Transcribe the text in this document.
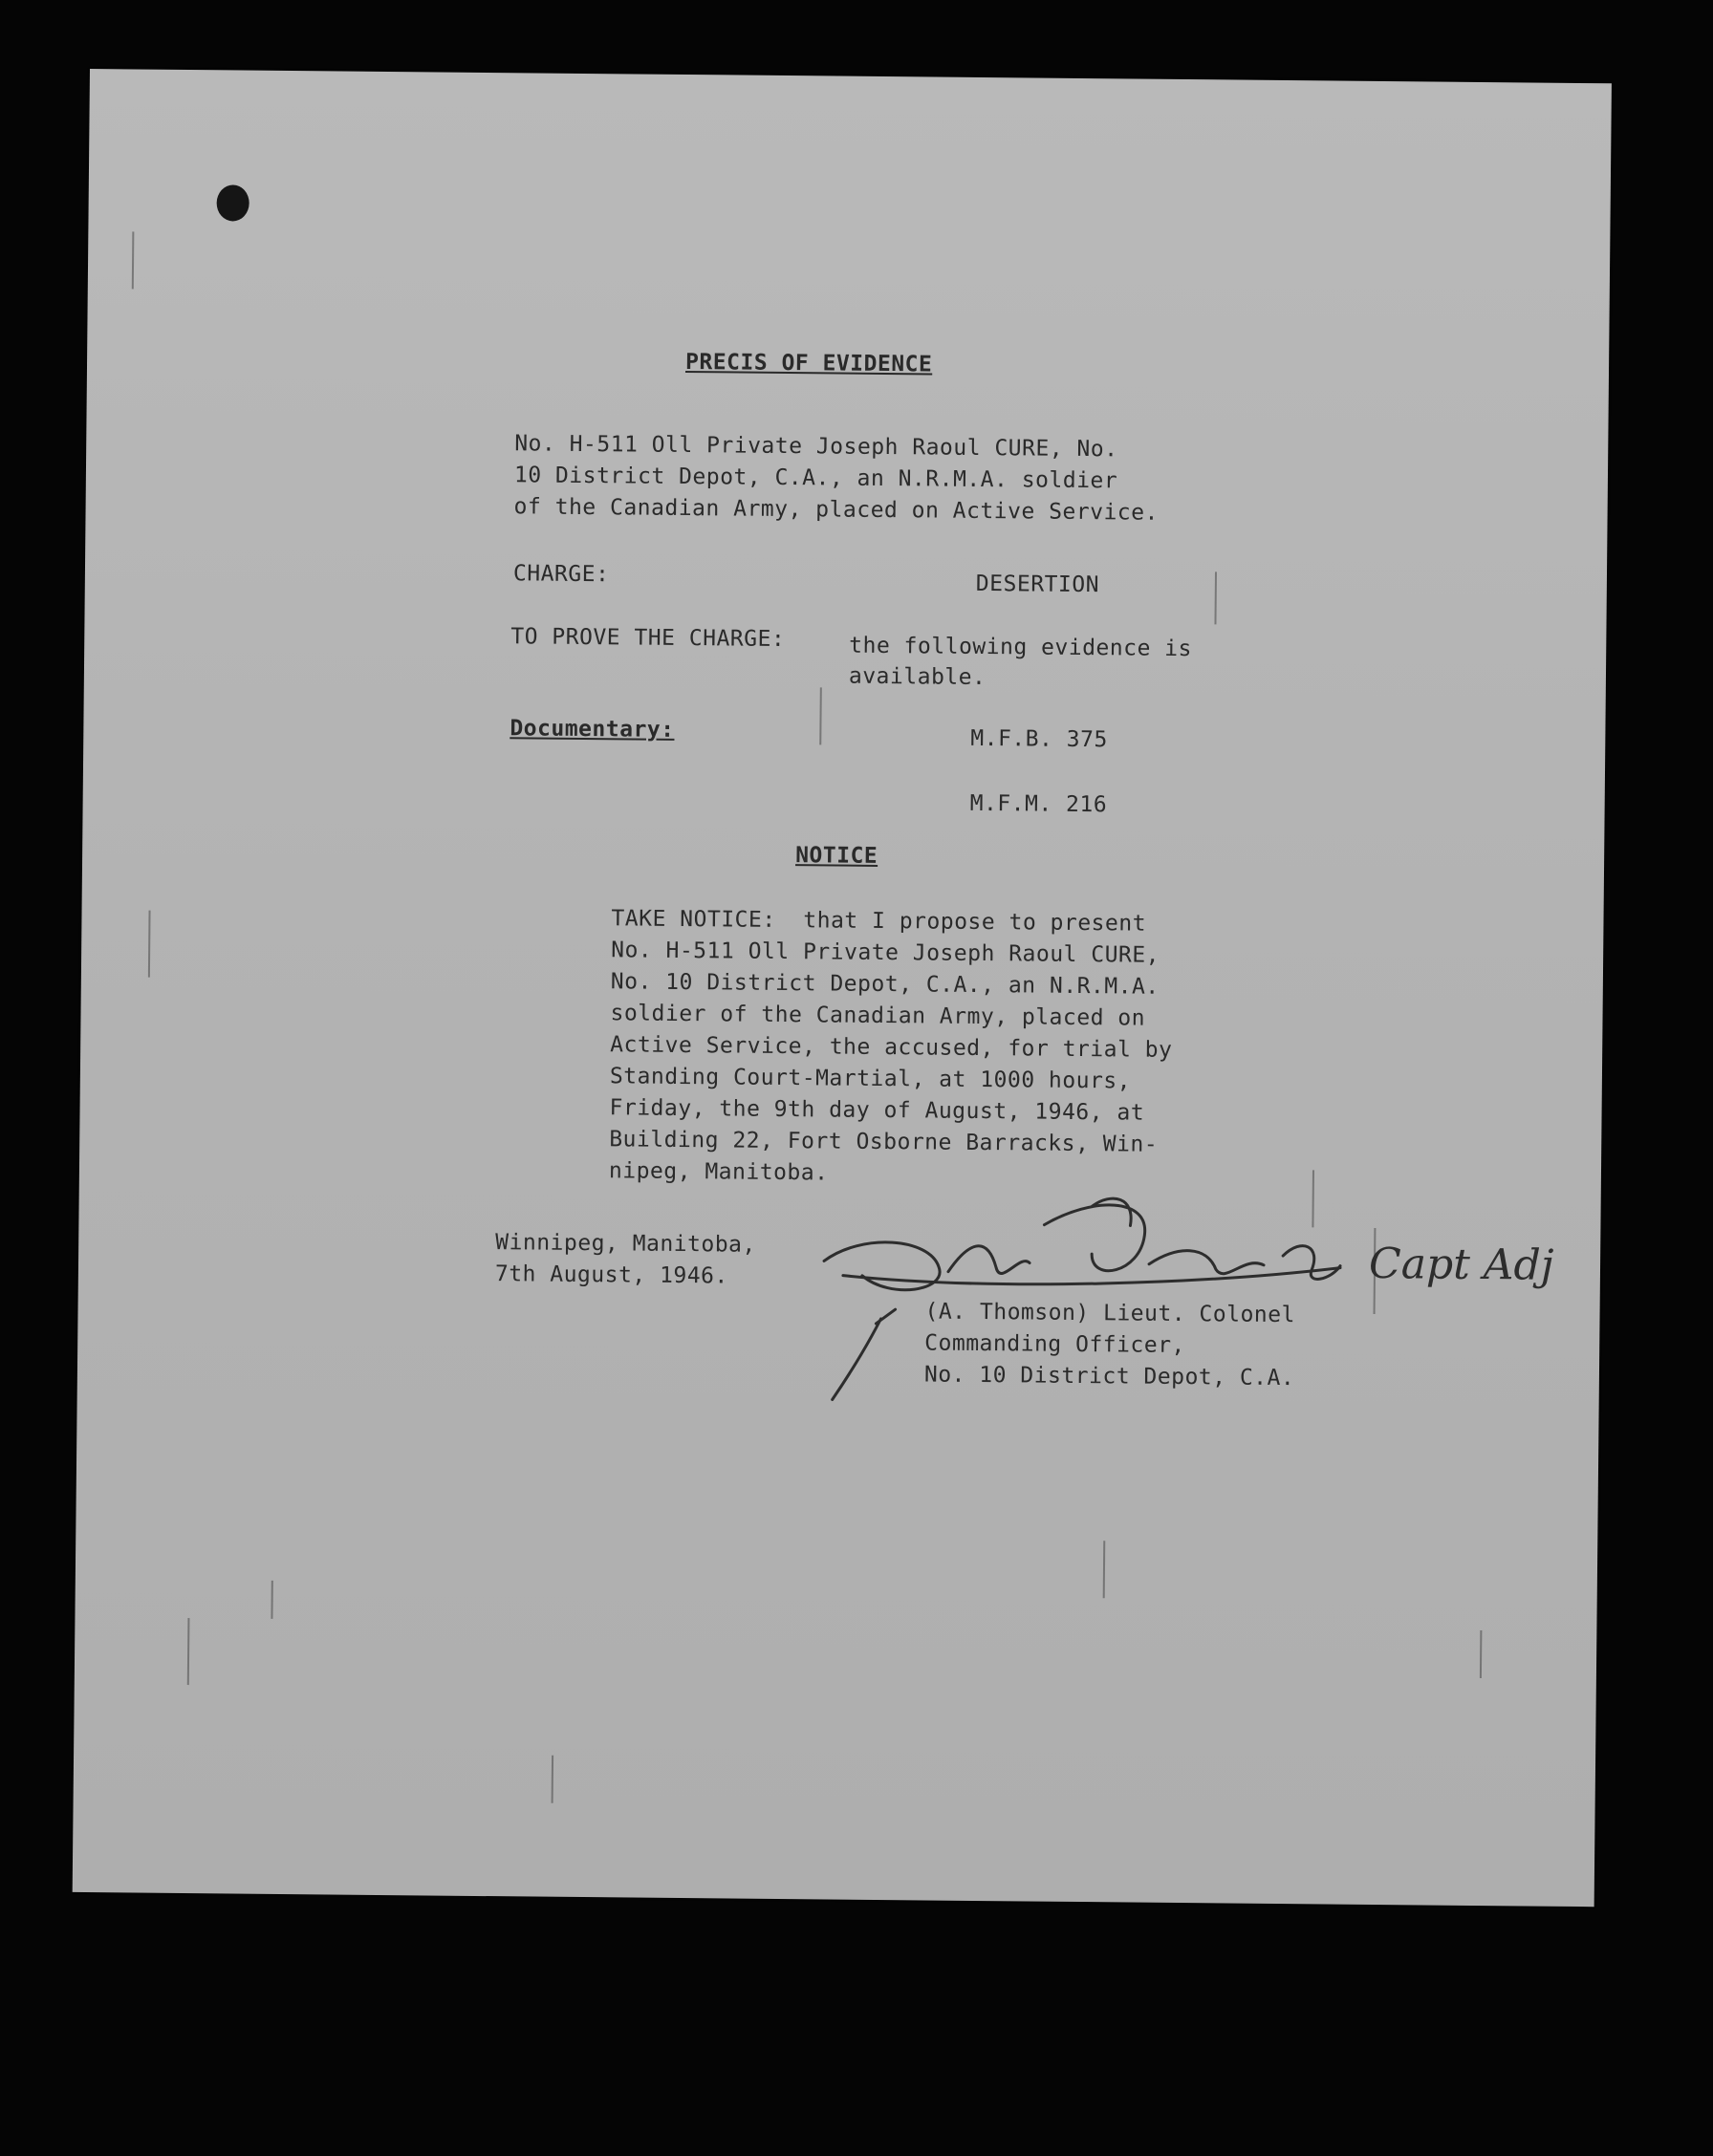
PRECIS OF EVIDENCE
No. H-511 Oll Private Joseph Raoul CURE, No.
10 District Depot, C.A., an N.R.M.A. soldier
of the Canadian Army, placed on Active Service.
CHARGE:	DESERTION
TO PROVE THE CHARGE:	the following evidence is
available.
Documentary:	M.F.B. 375
M.F.M. 216
NOTICE
TAKE NOTICE:  that I propose to present
No. H-511 Oll Private Joseph Raoul CURE,
No. 10 District Depot, C.A., an N.R.M.A.
soldier of the Canadian Army, placed on
Active Service, the accused, for trial by
Standing Court-Martial, at 1000 hours,
Friday, the 9th day of August, 1946, at
Building 22, Fort Osborne Barracks, Win-
nipeg, Manitoba.
Winnipeg, Manitoba,
7th August, 1946.	Capt Adj
(A. Thomson) Lieut. Colonel
Commanding Officer,
No. 10 District Depot, C.A.
